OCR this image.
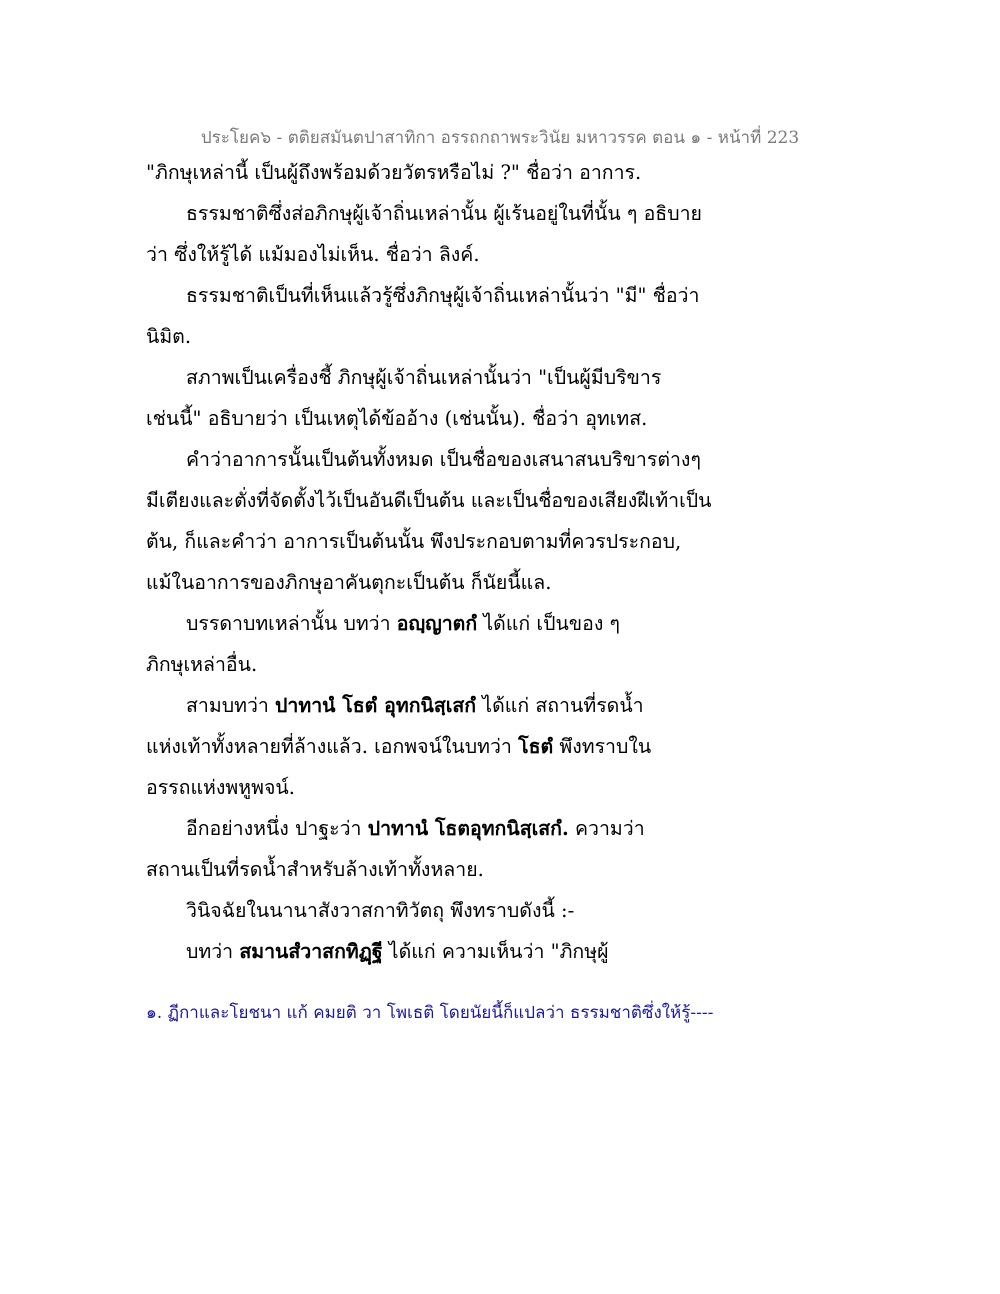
ประโยค๖ - ตติยสมันตปาสาทิกา อรรถกถาพระวินัย มหาวรรค ตอน ๑ - หน้าที่ 223
"ภิกษุเหล่านี้ เป็นผู้ถึงพร้อมด้วยวัตรหรือไม่ ?" ชื่อว่า อาการ.
ธรรมชาติซึ่งส่อภิกษุผู้เจ้าถิ่นเหล่านั้น ผู้เร้นอยู่ในที่นั้น ๆ อธิบาย
ว่า ซึ่งให้รู้ได้ แม้มองไม่เห็น. ชื่อว่า ลิงค์.
ธรรมชาติเป็นที่เห็นแล้วรู้ซึ่งภิกษุผู้เจ้าถิ่นเหล่านั้นว่า "มี" ชื่อว่า
นิมิต.
สภาพเป็นเครื่องชี้ ภิกษุผู้เจ้าถิ่นเหล่านั้นว่า "เป็นผู้มีบริขาร
เช่นนี้" อธิบายว่า เป็นเหตุได้ข้ออ้าง (เช่นนั้น). ชื่อว่า อุทเทส.
คำว่าอาการนั้นเป็นต้นทั้งหมด เป็นชื่อของเสนาสนบริขารต่างๆ
มีเตียงและตั่งที่จัดตั้งไว้เป็นอันดีเป็นต้น และเป็นชื่อของเสียงฝีเท้าเป็น
ต้น, ก็และคำว่า อาการเป็นต้นนั้น พึงประกอบตามที่ควรประกอบ,
แม้ในอาการของภิกษุอาคันตุกะเป็นต้น ก็นัยนี้แล.
บรรดาบทเหล่านั้น บทว่า อญฺญาตกํ ได้แก่ เป็นของ ๆ
ภิกษุเหล่าอื่น.
สามบทว่า ปาทานํ โธตํ อุทกนิสฺเสกํ ได้แก่ สถานที่รดน้ำ
แห่งเท้าทั้งหลายที่ล้างแล้ว. เอกพจน์ในบทว่า โธตํ พึงทราบใน
อรรถแห่งพหูพจน์.
อีกอย่างหนึ่ง ปาฐะว่า ปาทานํ โธตอุทกนิสฺเสกํ. ความว่า
สถานเป็นที่รดน้ำสำหรับล้างเท้าทั้งหลาย.
วินิจฉัยในนานาสังวาสกาทิวัตถุ พึงทราบดังนี้ :-
บทว่า สมานสํวาสกทิฏฺฐี ได้แก่ ความเห็นว่า "ภิกษุผู้
๑. ฏีกาและโยชนา แก้ คมยติ วา โพเธติ โดยนัยนี้ก็แปลว่า ธรรมชาติซึ่งให้รู้----
